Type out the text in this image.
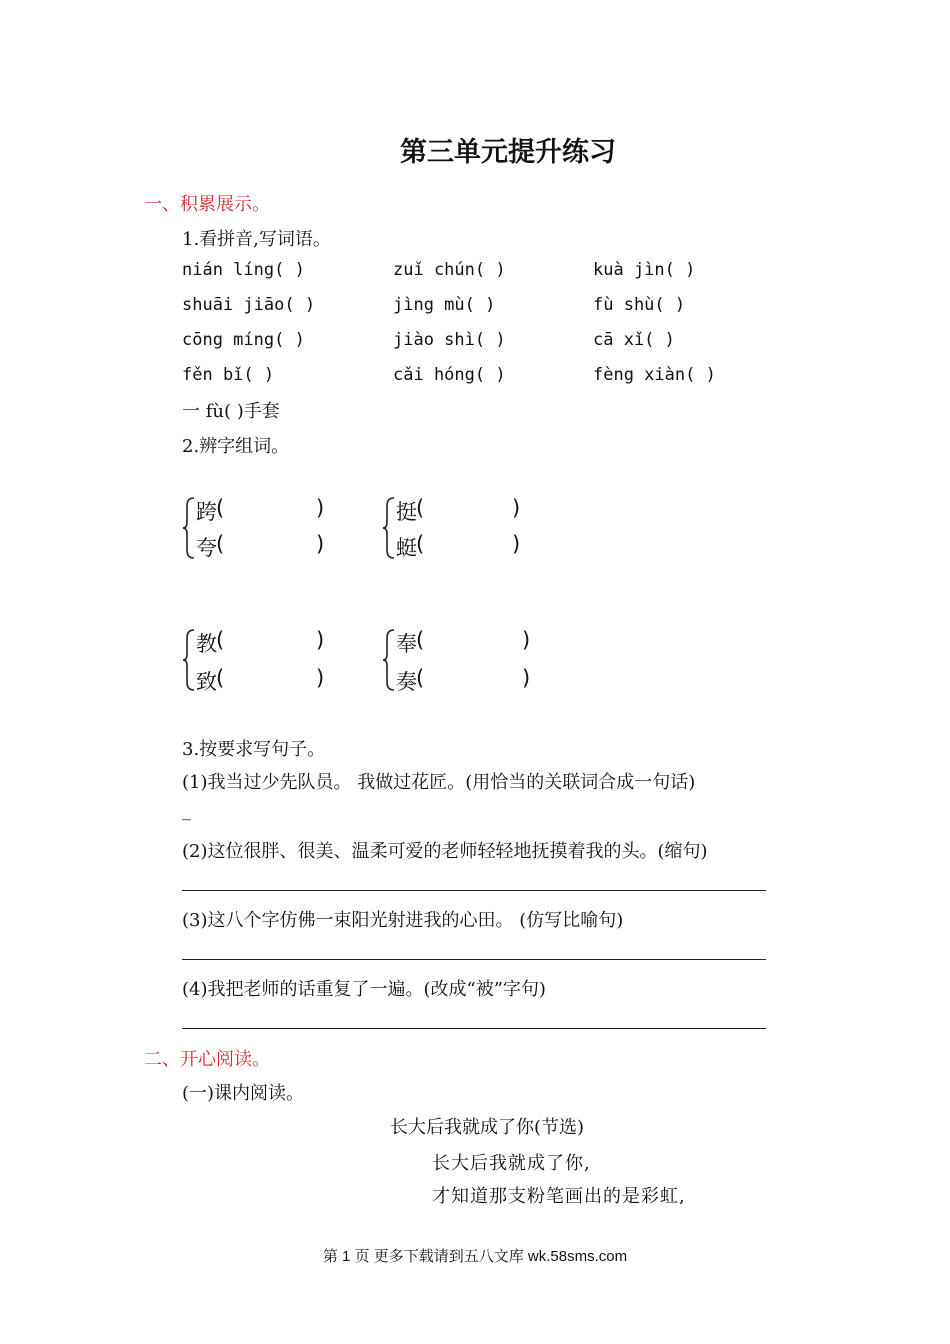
第三单元提升练习
一、积累展示。
1.看拼音,写词语。
nián líng( )	zuǐ chún( )	kuà jìn( )
shuāi jiāo( )	jìng mù( )	fù shù( )
cōng míng( )	jiào shì( )	cā xǐ( )
fěn bǐ( )	cǎi hóng( )	fèng xiàn( )
一 fù( )手套
2.辨字组词。
跨 (	)
夸 (	)
挺 (	)
蜓 (	)
教 (	)
致 (	)
奉 (	)
奏 (	)
3.按要求写句子。
(1)我当过少先队员。 我做过花匠。(用恰当的关联词合成一句话)
_
(2)这位很胖、很美、温柔可爱的老师轻轻地抚摸着我的头。(缩句)
(3)这八个字仿佛一束阳光射进我的心田。 (仿写比喻句)
(4)我把老师的话重复了一遍。(改成“被”字句)
二、开心阅读。
(一)课内阅读。
长大后我就成了你(节选)
长大后我就成了你,
才知道那支粉笔画出的是彩虹,
第 1 页 更多下载请到五八文库 wk.58sms.com
